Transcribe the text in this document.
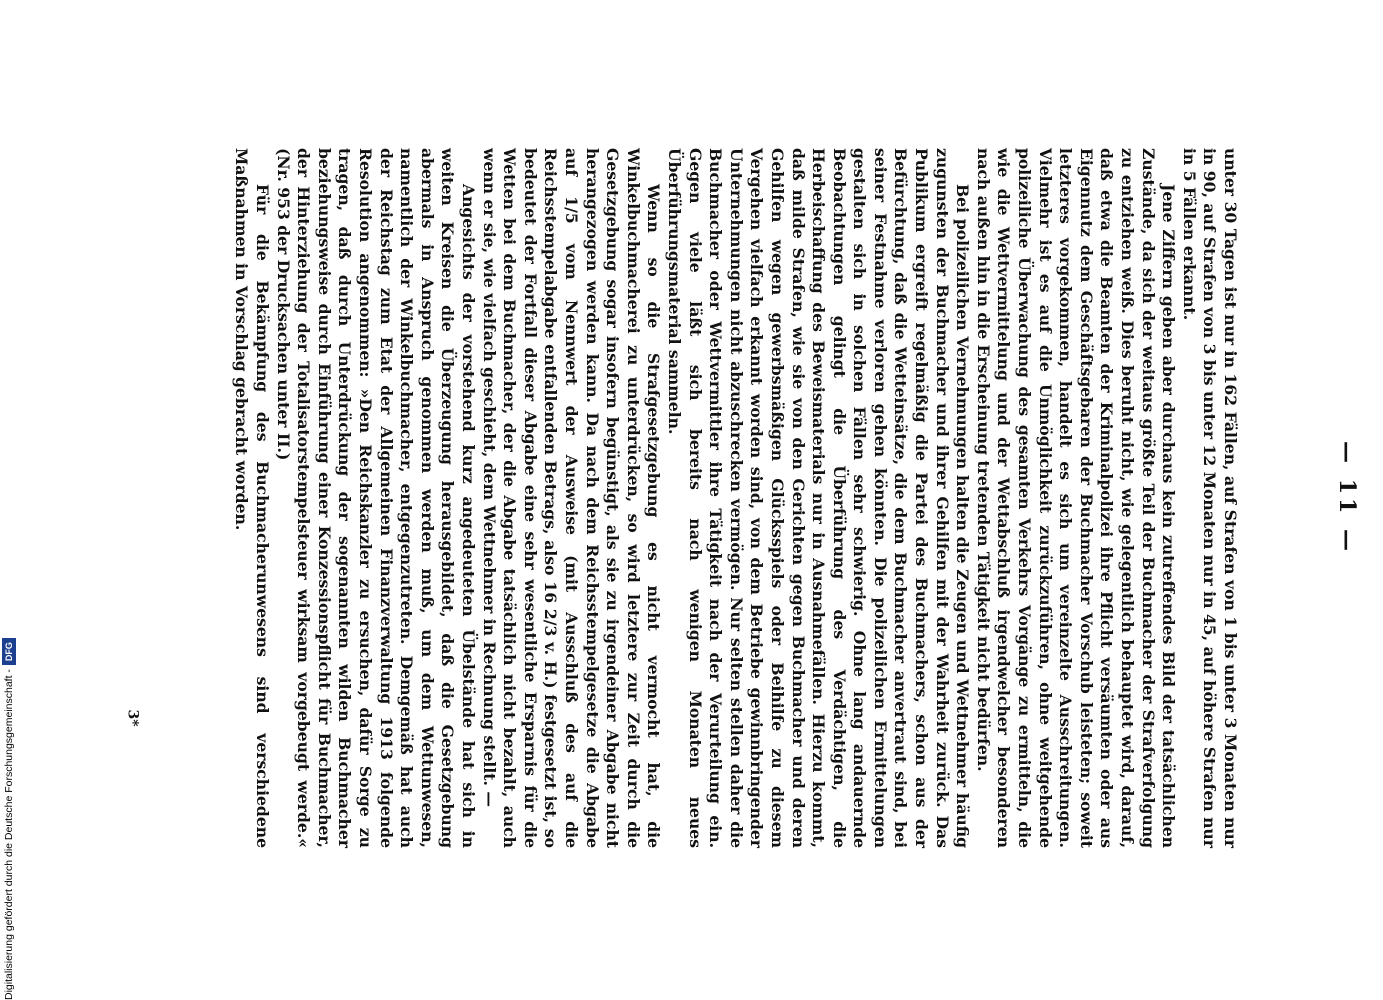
— 11 —

unter 30 Tagen ist nur in 162 Fällen, auf Strafen von 1 bis unter 3 Monaten nur in 90, auf Strafen von 3 bis unter 12 Monaten nur in 45, auf höhere Strafen nur in 5 Fällen erkannt.

Jene Ziffern geben aber durchaus kein zutreffendes Bild der tatsächlichen Zustände, da sich der weitaus größte Teil der Buchmacher der Strafverfolgung zu entziehen weiß. Dies beruht nicht, wie gelegentlich behauptet wird, darauf, daß etwa die Beamten der Kriminalpolizei ihre Pflicht versäumten oder aus Eigennutz dem Geschäftsgebaren der Buchmacher Vorschub leisteten; soweit letzteres vorgekommen, handelt es sich um vereinzelte Ausschreitungen. Vielmehr ist es auf die Unmöglichkeit zurückzuführen, ohne weitgehende polizeiliche Überwachung des gesamten Verkehrs Vorgänge zu ermitteln, die wie die Wettvermittelung und der Wettabschluß irgendwelcher besonderen nach außen hin in die Erscheinung tretenden Tätigkeit nicht bedürfen.

Bei polizeilichen Vernehmungen halten die Zeugen und Wettnehmer häufig zugunsten der Buchmacher und ihrer Gehilfen mit der Wahrheit zurück. Das Publikum ergreift regelmäßig die Partei des Buchmachers, schon aus der Befürchtung, daß die Wetteinsätze, die dem Buchmacher anvertraut sind, bei seiner Festnahme verloren gehen könnten. Die polizeilichen Ermittelungen gestalten sich in solchen Fällen sehr schwierig. Ohne lang andauernde Beobachtungen gelingt die Überführung des Verdächtigen, die Herbeischaffung des Beweismaterials nur in Ausnahmefällen. Hierzu kommt, daß milde Strafen, wie sie von den Gerichten gegen Buchmacher und deren Gehilfen wegen gewerbsmäßigen Glücksspiels oder Beihilfe zu diesem Vergehen vielfach erkannt worden sind, von dem Betriebe gewinnbringender Unternehmungen nicht abzuschrecken vermögen. Nur selten stellen daher die Buchmacher oder Wettvermittler ihre Tätigkeit nach der Verurteilung ein. Gegen viele läßt sich bereits nach wenigen Monaten neues Überführungsmaterial sammeln.

Wenn so die Strafgesetzgebung es nicht vermocht hat, die Winkelbuchmacherei zu unterdrücken, so wird letztere zur Zeit durch die Gesetzgebung sogar insofern begünstigt, als sie zu irgendeiner Abgabe nicht herangezogen werden kann. Da nach dem Reichsstempelgesetze die Abgabe auf 1/5 vom Nennwert der Ausweise (mit Ausschluß des auf die Reichsstempelabgabe entfallenden Betrags, also 16 2/3 v. H.) festgesetzt ist, so bedeutet der Fortfall dieser Abgabe eine sehr wesentliche Ersparnis für die Wetten bei dem Buchmacher, der die Abgabe tatsächlich nicht bezahlt, auch wenn er sie, wie vielfach geschieht, dem Wettnehmer in Rechnung stellt. —

Angesichts der vorstehend kurz angedeuteten Übelstände hat sich in weiten Kreisen die Überzeugung herausgebildet, daß die Gesetzgebung abermals in Anspruch genommen werden muß, um dem Wettunwesen, namentlich der Winkelbuchmacher, entgegenzutreten. Demgemäß hat auch der Reichstag zum Etat der Allgemeinen Finanzverwaltung 1913 folgende Resolution angenommen: »Den Reichskanzler zu ersuchen, dafür Sorge zu tragen, daß durch Unterdrückung der sogenannten wilden Buchmacher beziehungsweise durch Einführung einer Konzessionspflicht für Buchmacher, der Hinterziehung der Totalisatorstempelsteuer wirksam vorgebeugt werde.« (Nr. 953 der Drucksachen unter II.)

Für die Bekämpfung des Buchmacherunwesens sind verschiedene Maßnahmen in Vorschlag gebracht worden.

3*
Digitalisierung gefördert durch die Deutsche Forschungsgemeinschaft -
DFG
